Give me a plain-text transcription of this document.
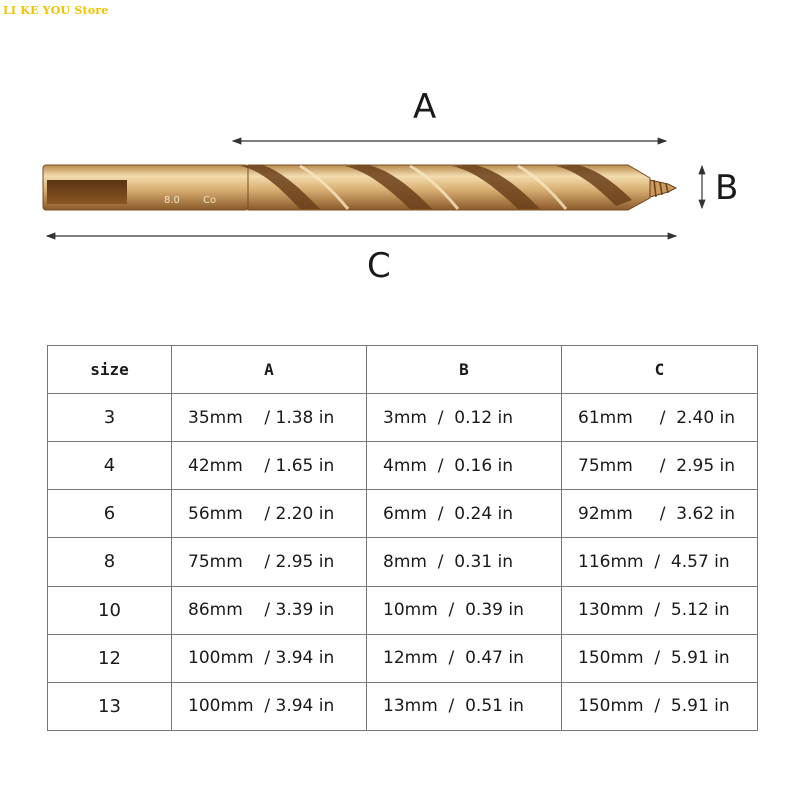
LI KE YOU Store
A
8.0 Co	B
C
size	A	B	C
3	35mm    / 1.38 in	3mm  /  0.12 in	61mm     /  2.40 in
4	42mm    / 1.65 in	4mm  /  0.16 in	75mm     /  2.95 in
6	56mm    / 2.20 in	6mm  /  0.24 in	92mm     /  3.62 in
8	75mm    / 2.95 in	8mm  /  0.31 in	116mm  /  4.57 in
10	86mm    / 3.39 in	10mm  /  0.39 in	130mm  /  5.12 in
12	100mm  / 3.94 in	12mm  /  0.47 in	150mm  /  5.91 in
13	100mm  / 3.94 in	13mm  /  0.51 in	150mm  /  5.91 in
